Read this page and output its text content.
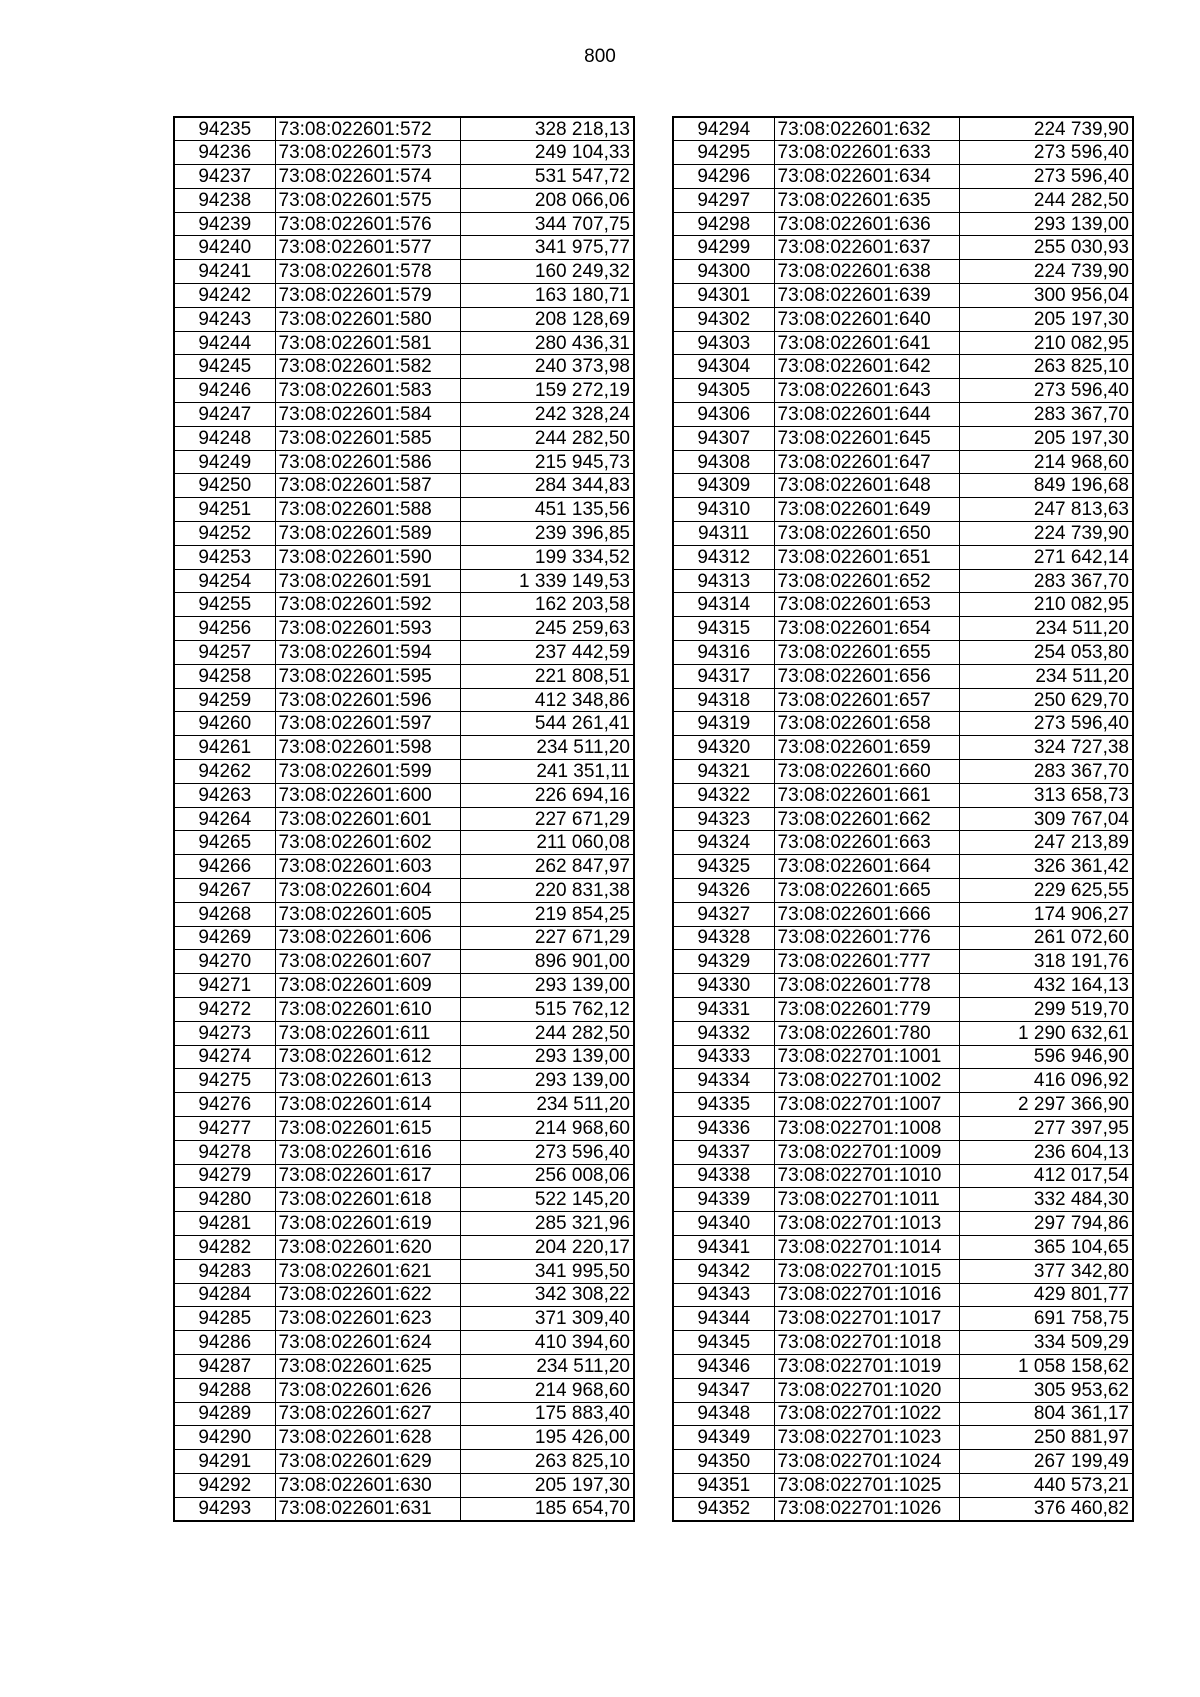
800
94235	73:08:022601:572	328 218,13
94236	73:08:022601:573	249 104,33
94237	73:08:022601:574	531 547,72
94238	73:08:022601:575	208 066,06
94239	73:08:022601:576	344 707,75
94240	73:08:022601:577	341 975,77
94241	73:08:022601:578	160 249,32
94242	73:08:022601:579	163 180,71
94243	73:08:022601:580	208 128,69
94244	73:08:022601:581	280 436,31
94245	73:08:022601:582	240 373,98
94246	73:08:022601:583	159 272,19
94247	73:08:022601:584	242 328,24
94248	73:08:022601:585	244 282,50
94249	73:08:022601:586	215 945,73
94250	73:08:022601:587	284 344,83
94251	73:08:022601:588	451 135,56
94252	73:08:022601:589	239 396,85
94253	73:08:022601:590	199 334,52
94254	73:08:022601:591	1 339 149,53
94255	73:08:022601:592	162 203,58
94256	73:08:022601:593	245 259,63
94257	73:08:022601:594	237 442,59
94258	73:08:022601:595	221 808,51
94259	73:08:022601:596	412 348,86
94260	73:08:022601:597	544 261,41
94261	73:08:022601:598	234 511,20
94262	73:08:022601:599	241 351,11
94263	73:08:022601:600	226 694,16
94264	73:08:022601:601	227 671,29
94265	73:08:022601:602	211 060,08
94266	73:08:022601:603	262 847,97
94267	73:08:022601:604	220 831,38
94268	73:08:022601:605	219 854,25
94269	73:08:022601:606	227 671,29
94270	73:08:022601:607	896 901,00
94271	73:08:022601:609	293 139,00
94272	73:08:022601:610	515 762,12
94273	73:08:022601:611	244 282,50
94274	73:08:022601:612	293 139,00
94275	73:08:022601:613	293 139,00
94276	73:08:022601:614	234 511,20
94277	73:08:022601:615	214 968,60
94278	73:08:022601:616	273 596,40
94279	73:08:022601:617	256 008,06
94280	73:08:022601:618	522 145,20
94281	73:08:022601:619	285 321,96
94282	73:08:022601:620	204 220,17
94283	73:08:022601:621	341 995,50
94284	73:08:022601:622	342 308,22
94285	73:08:022601:623	371 309,40
94286	73:08:022601:624	410 394,60
94287	73:08:022601:625	234 511,20
94288	73:08:022601:626	214 968,60
94289	73:08:022601:627	175 883,40
94290	73:08:022601:628	195 426,00
94291	73:08:022601:629	263 825,10
94292	73:08:022601:630	205 197,30
94293	73:08:022601:631	185 654,70
94294	73:08:022601:632	224 739,90
94295	73:08:022601:633	273 596,40
94296	73:08:022601:634	273 596,40
94297	73:08:022601:635	244 282,50
94298	73:08:022601:636	293 139,00
94299	73:08:022601:637	255 030,93
94300	73:08:022601:638	224 739,90
94301	73:08:022601:639	300 956,04
94302	73:08:022601:640	205 197,30
94303	73:08:022601:641	210 082,95
94304	73:08:022601:642	263 825,10
94305	73:08:022601:643	273 596,40
94306	73:08:022601:644	283 367,70
94307	73:08:022601:645	205 197,30
94308	73:08:022601:647	214 968,60
94309	73:08:022601:648	849 196,68
94310	73:08:022601:649	247 813,63
94311	73:08:022601:650	224 739,90
94312	73:08:022601:651	271 642,14
94313	73:08:022601:652	283 367,70
94314	73:08:022601:653	210 082,95
94315	73:08:022601:654	234 511,20
94316	73:08:022601:655	254 053,80
94317	73:08:022601:656	234 511,20
94318	73:08:022601:657	250 629,70
94319	73:08:022601:658	273 596,40
94320	73:08:022601:659	324 727,38
94321	73:08:022601:660	283 367,70
94322	73:08:022601:661	313 658,73
94323	73:08:022601:662	309 767,04
94324	73:08:022601:663	247 213,89
94325	73:08:022601:664	326 361,42
94326	73:08:022601:665	229 625,55
94327	73:08:022601:666	174 906,27
94328	73:08:022601:776	261 072,60
94329	73:08:022601:777	318 191,76
94330	73:08:022601:778	432 164,13
94331	73:08:022601:779	299 519,70
94332	73:08:022601:780	1 290 632,61
94333	73:08:022701:1001	596 946,90
94334	73:08:022701:1002	416 096,92
94335	73:08:022701:1007	2 297 366,90
94336	73:08:022701:1008	277 397,95
94337	73:08:022701:1009	236 604,13
94338	73:08:022701:1010	412 017,54
94339	73:08:022701:1011	332 484,30
94340	73:08:022701:1013	297 794,86
94341	73:08:022701:1014	365 104,65
94342	73:08:022701:1015	377 342,80
94343	73:08:022701:1016	429 801,77
94344	73:08:022701:1017	691 758,75
94345	73:08:022701:1018	334 509,29
94346	73:08:022701:1019	1 058 158,62
94347	73:08:022701:1020	305 953,62
94348	73:08:022701:1022	804 361,17
94349	73:08:022701:1023	250 881,97
94350	73:08:022701:1024	267 199,49
94351	73:08:022701:1025	440 573,21
94352	73:08:022701:1026	376 460,82
